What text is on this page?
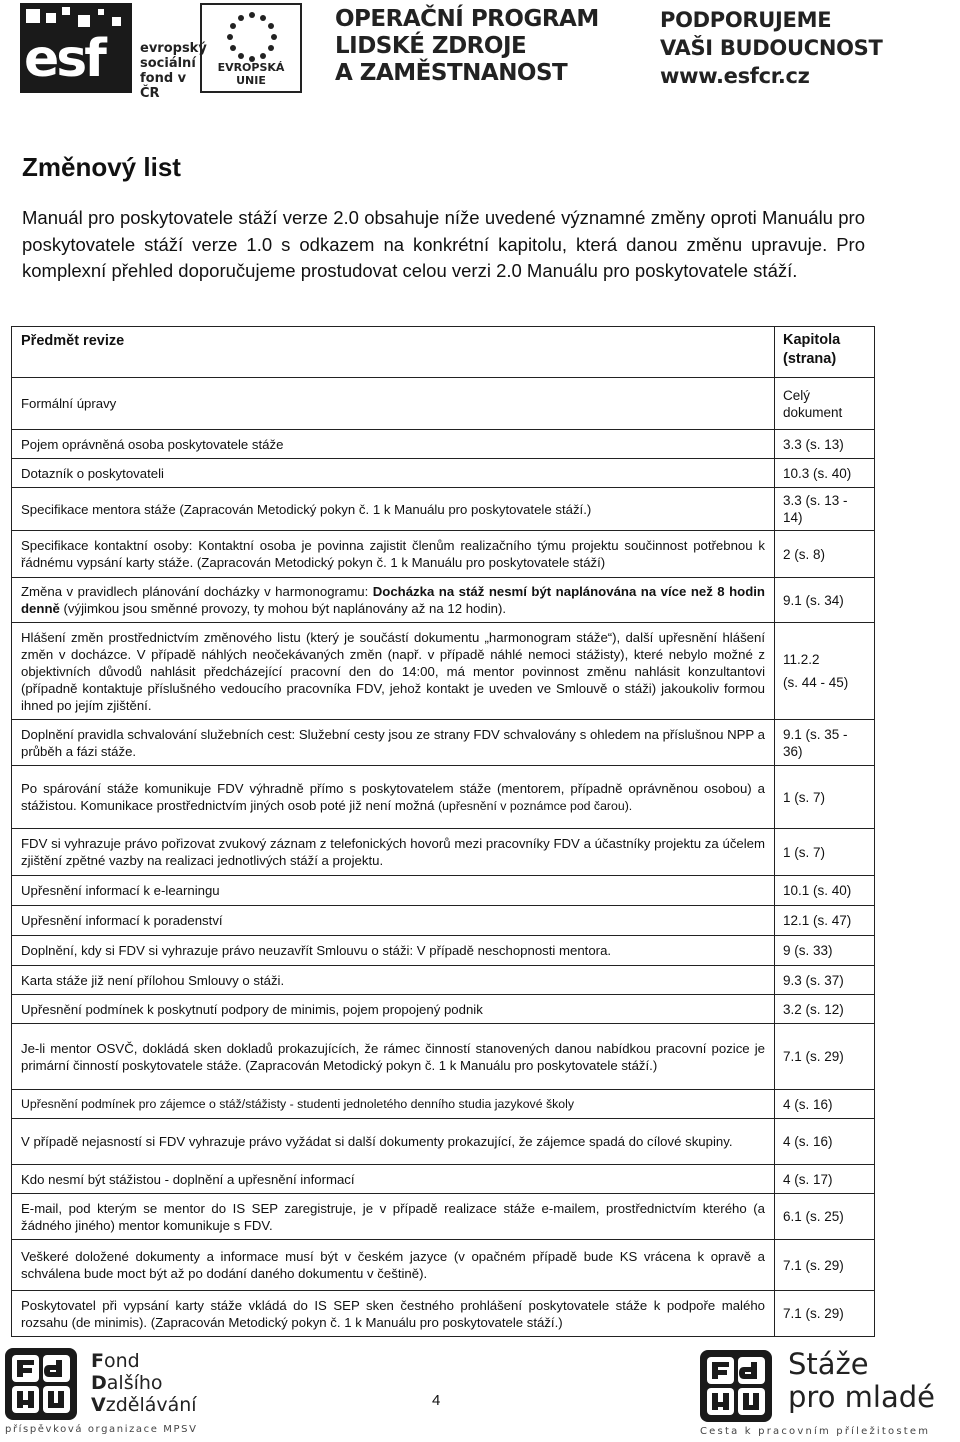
esf	evropský
sociální
fond v ČR
EVROPSKÁ UNIE
OPERAČNÍ PROGRAM
LIDSKÉ ZDROJE
A ZAMĚSTNANOST
PODPORUJEME
VAŠI BUDOUCNOST
www.esfcr.cz
Změnový list
Manuál pro poskytovatele stáží verze 2.0 obsahuje níže uvedené významné změny oproti Manuálu pro poskytovatele stáží verze 1.0 s odkazem na konkrétní kapitolu, která danou změnu upravuje. Pro komplexní přehled doporučujeme prostudovat celou verzi 2.0 Manuálu pro poskytovatele stáží.
Předmět revize	Kapitola (strana)
Formální úpravy	Celý dokument
Pojem oprávněná osoba poskytovatele stáže	3.3 (s. 13)
Dotazník o poskytovateli	10.3 (s. 40)
Specifikace mentora stáže (Zapracován Metodický pokyn č. 1 k Manuálu pro poskytovatele stáží.)	3.3 (s. 13 - 14)
Specifikace kontaktní osoby: Kontaktní osoba je povinna zajistit členům realizačního týmu projektu součinnost potřebnou k řádnému vypsání karty stáže. (Zapracován Metodický pokyn č. 1 k Manuálu pro poskytovatele stáží)	2 (s. 8)
Změna v pravidlech plánování docházky v harmonogramu: Docházka na stáž nesmí být naplánována na více než 8 hodin denně (výjimkou jsou směnné provozy, ty mohou být naplánovány až na 12 hodin).	9.1 (s. 34)
Hlášení změn prostřednictvím změnového listu (který je součástí dokumentu „harmonogram stáže“), další upřesnění hlášení změn v docházce. V případě náhlých neočekávaných změn (např. v případě náhlé nemoci stážisty), které nebylo možné z objektivních důvodů nahlásit předcházející pracovní den do 14:00, má mentor povinnost změnu nahlásit konzultantovi (případně kontaktuje příslušného vedoucího pracovníka FDV, jehož kontakt je uveden ve Smlouvě o stáži) jakoukoliv formou ihned po jejím zjištění.	11.2.2
(s. 44 - 45)

Doplnění pravidla schvalování služebních cest: Služební cesty jsou ze strany FDV schvalovány s ohledem na příslušnou NPP a průběh a fázi stáže.	9.1 (s. 35 - 36)
Po spárování stáže komunikuje FDV výhradně přímo s poskytovatelem stáže (mentorem, případně oprávněnou osobou) a stážistou. Komunikace prostřednictvím jiných osob poté již není možná (upřesnění v poznámce pod čarou).	1 (s. 7)
FDV si vyhrazuje právo pořizovat zvukový záznam z telefonických hovorů mezi pracovníky FDV a účastníky projektu za účelem zjištění zpětné vazby na realizaci jednotlivých stáží a projektu.	1 (s. 7)
Upřesnění informací k e-learningu	10.1 (s. 40)
Upřesnění informací k poradenství	12.1 (s. 47)
Doplnění, kdy si FDV si vyhrazuje právo neuzavřít Smlouvu o stáži: V případě neschopnosti mentora.	9 (s. 33)
Karta stáže již není přílohou Smlouvy o stáži.	9.3 (s. 37)
Upřesnění podmínek k poskytnutí podpory de minimis, pojem propojený podnik	3.2 (s. 12)
Je-li mentor OSVČ, dokládá sken dokladů prokazujících, že rámec činností stanovených danou nabídkou pracovní pozice je primární činností poskytovatele stáže. (Zapracován Metodický pokyn č. 1 k Manuálu pro poskytovatele stáží.)	7.1 (s. 29)
Upřesnění podmínek pro zájemce o stáž/stážisty - studenti jednoletého denního studia jazykové školy	4 (s. 16)
V případě nejasností si FDV vyhrazuje právo vyžádat si další dokumenty prokazující, že zájemce spadá do cílové skupiny.	4 (s. 16)
Kdo nesmí být stážistou - doplnění a upřesnění informací	4 (s. 17)
E-mail, pod kterým se mentor do IS SEP zaregistruje, je v případě realizace stáže e-mailem, prostřednictvím kterého (a žádného jiného) mentor komunikuje s FDV.	6.1 (s. 25)
Veškeré doložené dokumenty a informace musí být v českém jazyce (v opačném případě bude KS vrácena k opravě a schválena bude moct být až po dodání daného dokumentu v češtině).	7.1 (s. 29)
Poskytovatel při vypsání karty stáže vkládá do IS SEP sken čestného prohlášení poskytovatele stáže k podpoře malého rozsahu (de minimis). (Zapracován Metodický pokyn č. 1 k Manuálu pro poskytovatele stáží.)	7.1 (s. 29)
Fond
Dalšího
Vzdělávání
příspěvková organizace MPSV
4
Stáže
pro mladé
Cesta k pracovním příležitostem
